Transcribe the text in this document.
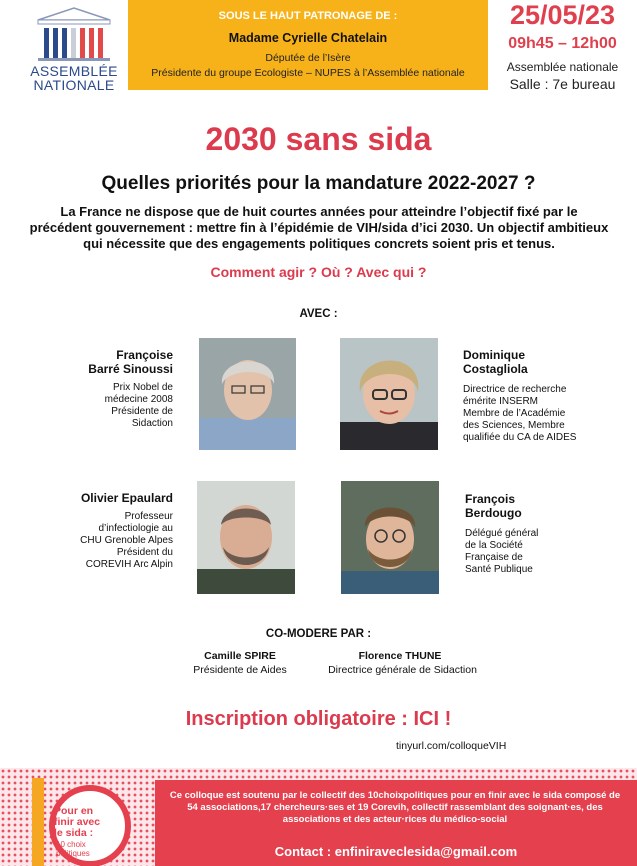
ASSEMBLÉE
NATIONALE
SOUS LE HAUT PATRONAGE DE :
Madame Cyrielle Chatelain
Députée de l’Isère
Présidente du groupe Ecologiste – NUPES à l’Assemblée nationale
25/05/23
09h45 – 12h00
Assemblée nationale
Salle : 7e bureau
2030 sans sida
Quelles priorités pour la mandature 2022-2027 ?
La France ne dispose que de huit courtes années pour atteindre l’objectif fixé par le précédent gouvernement : mettre fin à l’épidémie de VIH/sida d’ici 2030. Un objectif ambitieux qui nécessite que des engagements politiques concrets soient pris et tenus.
Comment agir ? Où ? Avec qui ?
AVEC :
Françoise
Barré Sinoussi
Prix Nobel de
médecine 2008
Présidente de
Sidaction
Dominique
Costagliola
Directrice de recherche
émérite INSERM
Membre de l’Académie
des Sciences, Membre
qualifiée du CA de AIDES
Olivier Epaulard
Professeur
d’infectiologie au
CHU Grenoble Alpes
Président du
COREVIH Arc Alpin
François
Berdougo
Délégué général
de la Société
Française de
Santé Publique
CO-MODERE PAR :
Camille SPIRE
Présidente de Aides
Florence THUNE
Directrice générale de Sidaction
Inscription obligatoire : ICI !
tinyurl.com/colloqueVIH
Pour en
finir avec
le sida :
10 choix
politiques
Ce colloque est soutenu par le collectif des 10choixpolitiques pour en finir avec le sida composé de 54 associations,17 chercheurs·ses et 19 Corevih, collectif rassemblant des soignant·es, des associations et des acteur·rices du médico-social
Contact : enfiniraveclesida@gmail.com
